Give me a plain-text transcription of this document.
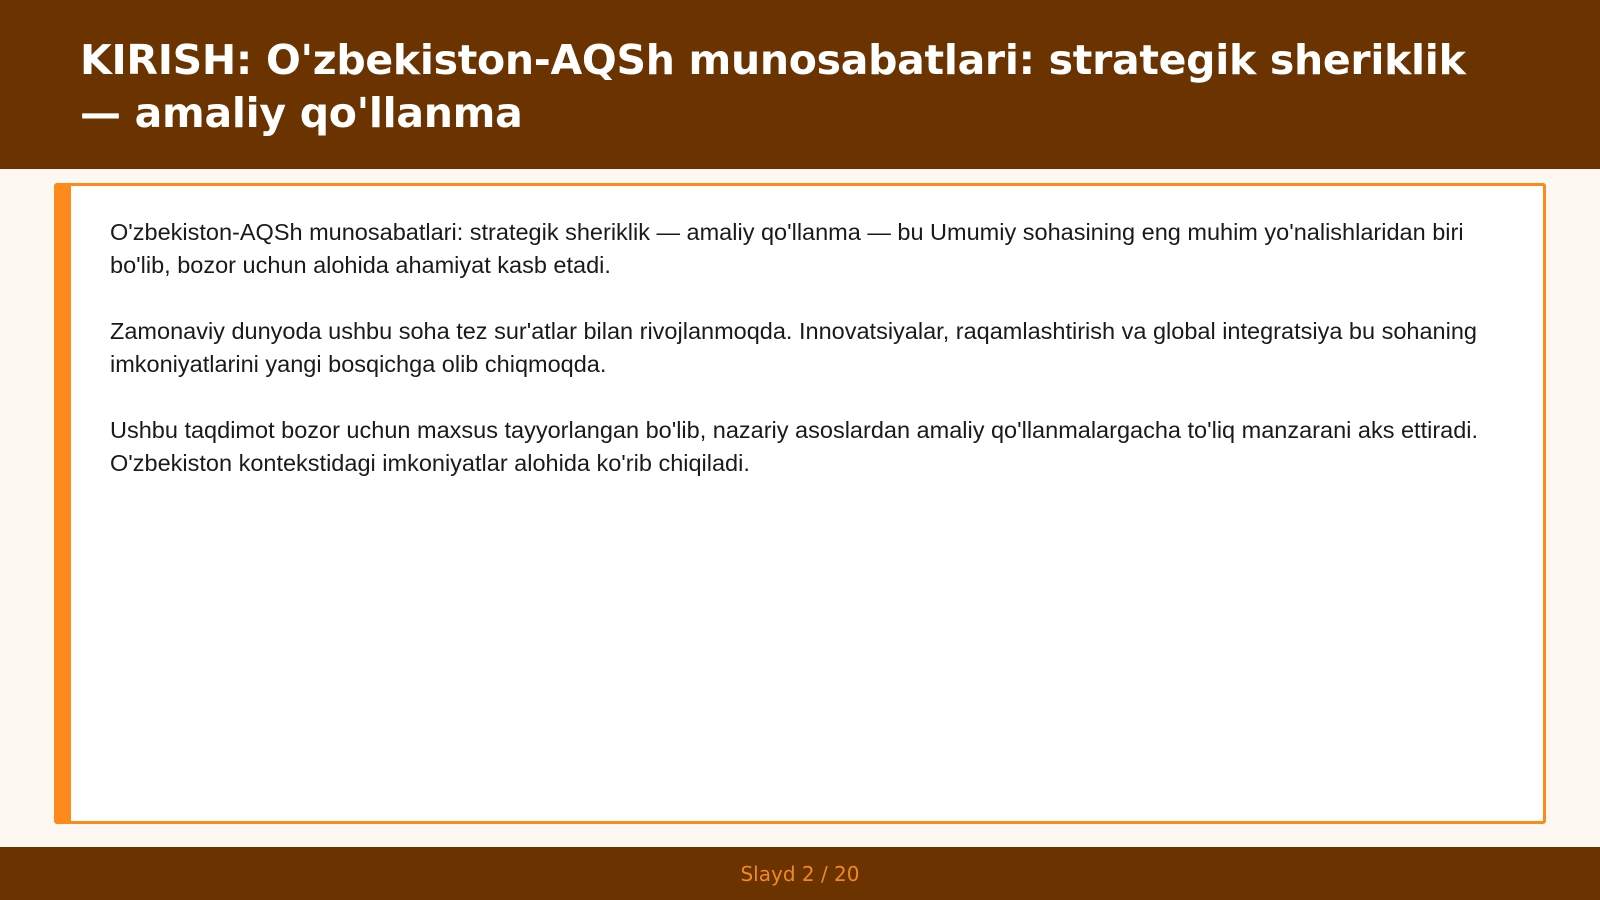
KIRISH: O'zbekiston-AQSh munosabatlari: strategik sheriklik — amaliy qo'llanma

O'zbekiston-AQSh munosabatlari: strategik sheriklik — amaliy qo'llanma — bu Umumiy sohasining eng muhim yo'nalishlaridan biri bo'lib, bozor uchun alohida ahamiyat kasb etadi.

Zamonaviy dunyoda ushbu soha tez sur'atlar bilan rivojlanmoqda. Innovatsiyalar, raqamlashtirish va global integratsiya bu sohaning imkoniyatlarini yangi bosqichga olib chiqmoqda.

Ushbu taqdimot bozor uchun maxsus tayyorlangan bo'lib, nazariy asoslardan amaliy qo'llanmalargacha to'liq manzarani aks ettiradi. O'zbekiston kontekstidagi imkoniyatlar alohida ko'rib chiqiladi.

Slayd 2 / 20
